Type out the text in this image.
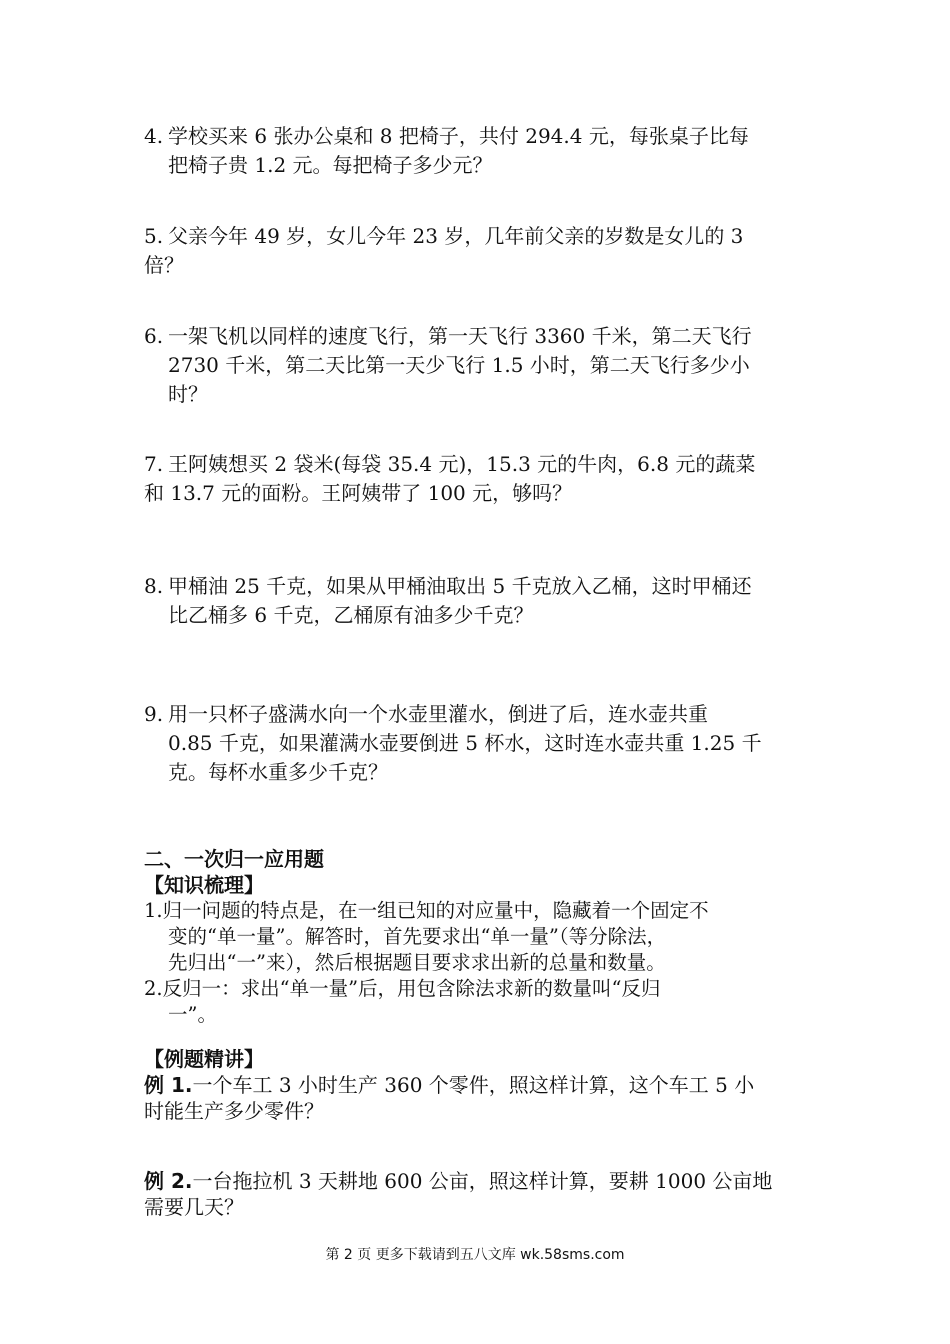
4. 学校买来 6 张办公桌和 8 把椅子，共付 294.4 元，每张桌子比每
把椅子贵 1.2 元。每把椅子多少元？
5. 父亲今年 49 岁，女儿今年 23 岁，几年前父亲的岁数是女儿的 3
倍？
6. 一架飞机以同样的速度飞行，第一天飞行 3360 千米，第二天飞行
2730 千米，第二天比第一天少飞行 1.5 小时，第二天飞行多少小
时？
7. 王阿姨想买 2 袋米(每袋 35.4 元)，15.3 元的牛肉，6.8 元的蔬菜
和 13.7 元的面粉。王阿姨带了 100 元，够吗？
8. 甲桶油 25 千克，如果从甲桶油取出 5 千克放入乙桶，这时甲桶还
比乙桶多 6 千克，乙桶原有油多少千克？
9. 用一只杯子盛满水向一个水壶里灌水，倒进了后，连水壶共重
0.85 千克，如果灌满水壶要倒进 5 杯水，这时连水壶共重 1.25 千
克。每杯水重多少千克？
二、一次归一应用题
【知识梳理】
1.归一问题的特点是，在一组已知的对应量中，隐藏着一个固定不
变的“单一量”。解答时，首先要求出“单一量”（等分除法，
先归出“一”来），然后根据题目要求求出新的总量和数量。
2.反归一：求出“单一量”后，用包含除法求新的数量叫“反归
一”。
【例题精讲】
例 1.一个车工 3 小时生产 360 个零件，照这样计算，这个车工 5 小
时能生产多少零件？
例 2.一台拖拉机 3 天耕地 600 公亩，照这样计算，要耕 1000 公亩地
需要几天？
第 2 页 更多下载请到五八文库 wk.58sms.com
